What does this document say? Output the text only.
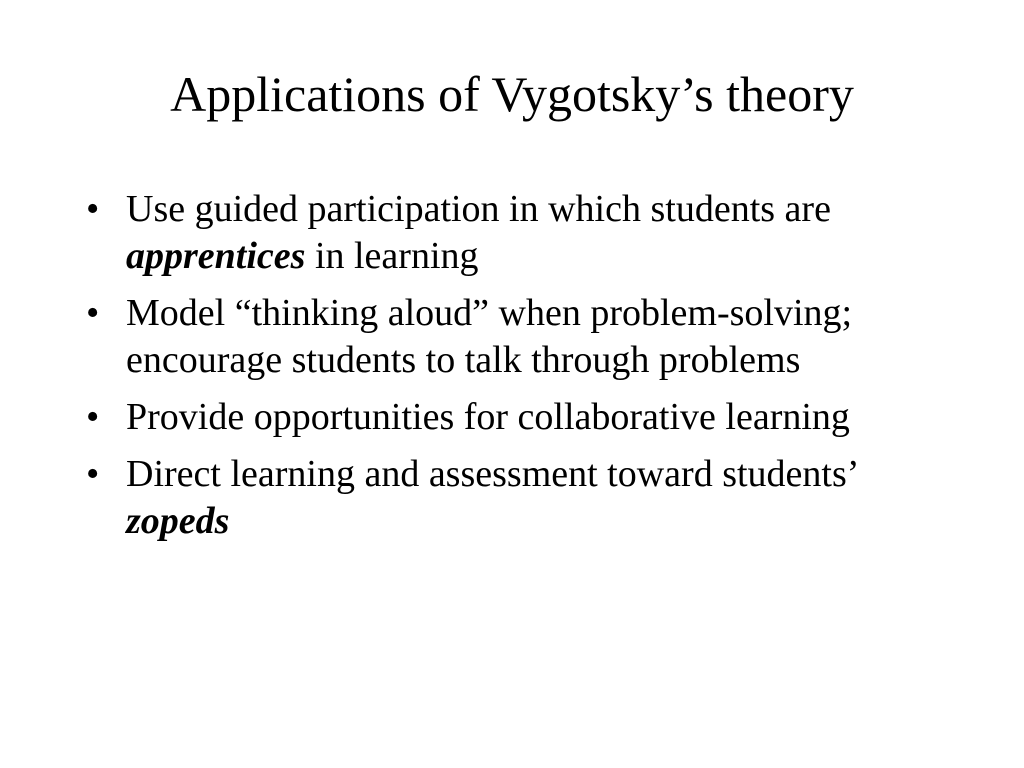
Applications of Vygotsky’s theory
• Use guided participation in which students are apprentices in learning
• Model “thinking aloud” when problem-solving; encourage students to talk through problems
• Provide opportunities for collaborative learning
• Direct learning and assessment toward students’ zopeds
